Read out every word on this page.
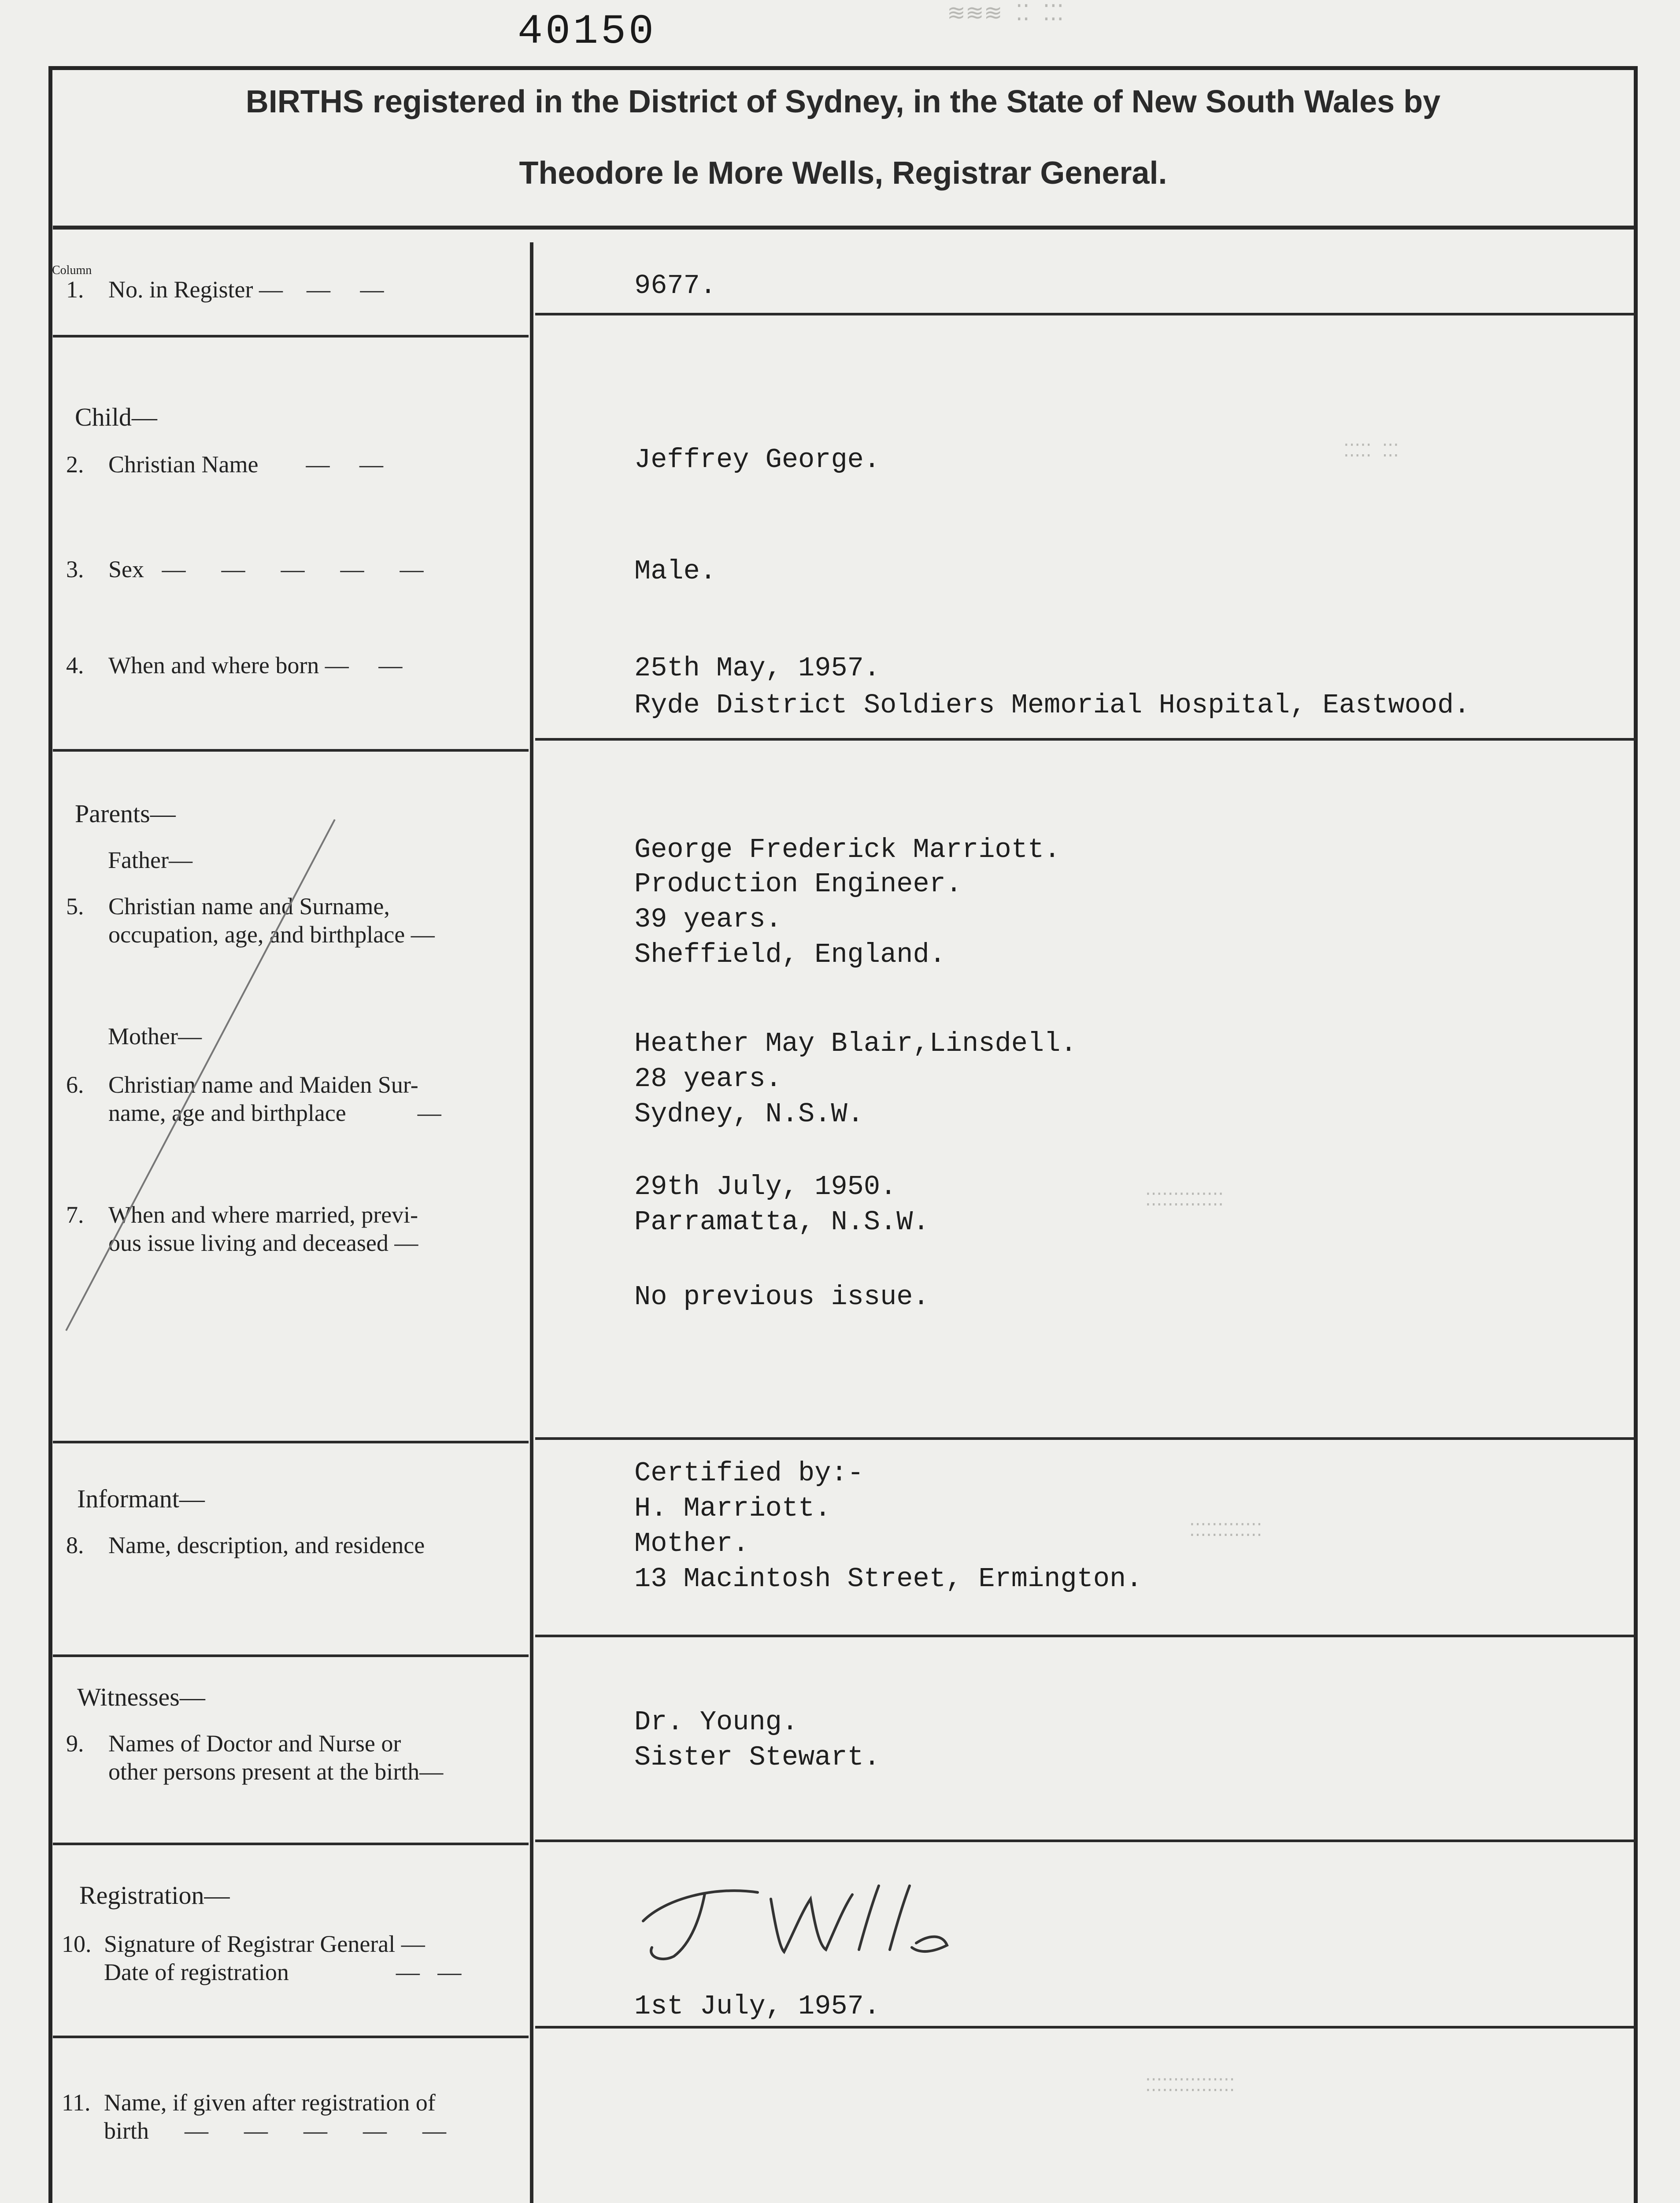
40150	≋≋≋ ⁚⁚ ⁚⁚⁚
BIRTHS registered in the District of Sydney, in the State of New South Wales by
Theodore le More Wells, Registrar General.
Column
1. No. in Register —    —     —	9677.
Child—
2. Christian Name        —     —	Jeffrey George.
3. Sex   —      —      —      —      —	Male.
4. When and where born —     —	25th May, 1957.
Ryde District Soldiers Memorial Hospital, Eastwood.
Parents—
Father—
5. Christian name and Surname,
occupation, age, and birthplace —
George Frederick Marriott.
Production Engineer.
39 years.
Sheffield, England.
Mother—
6. Christian name and Maiden Sur-
name, age and birthplace            —
Heather May Blair,Linsdell.
28 years.
Sydney, N.S.W.
7. When and where married, previ-
ous issue living and deceased —
29th July, 1950.
Parramatta, N.S.W.
No previous issue.
Informant—
8. Name, description, and residence
Certified by:-
H. Marriott.
Mother.
13 Macintosh Street, Ermington.
Witnesses—
9. Names of Doctor and Nurse or
other persons present at the birth—
Dr. Young.
Sister Stewart.
Registration—
10. Signature of Registrar General —
Date of registration                  —   —
1st July, 1957.
11. Name, if given after registration of
birth      —      —      —      —      —
⁚⁚⁚⁚⁚ ⁚⁚⁚
⁚⁚⁚⁚⁚⁚⁚⁚⁚⁚⁚⁚⁚⁚
⁚⁚⁚⁚⁚⁚⁚⁚⁚⁚⁚⁚⁚
⁚⁚⁚⁚⁚⁚⁚⁚⁚⁚⁚⁚⁚⁚⁚⁚
